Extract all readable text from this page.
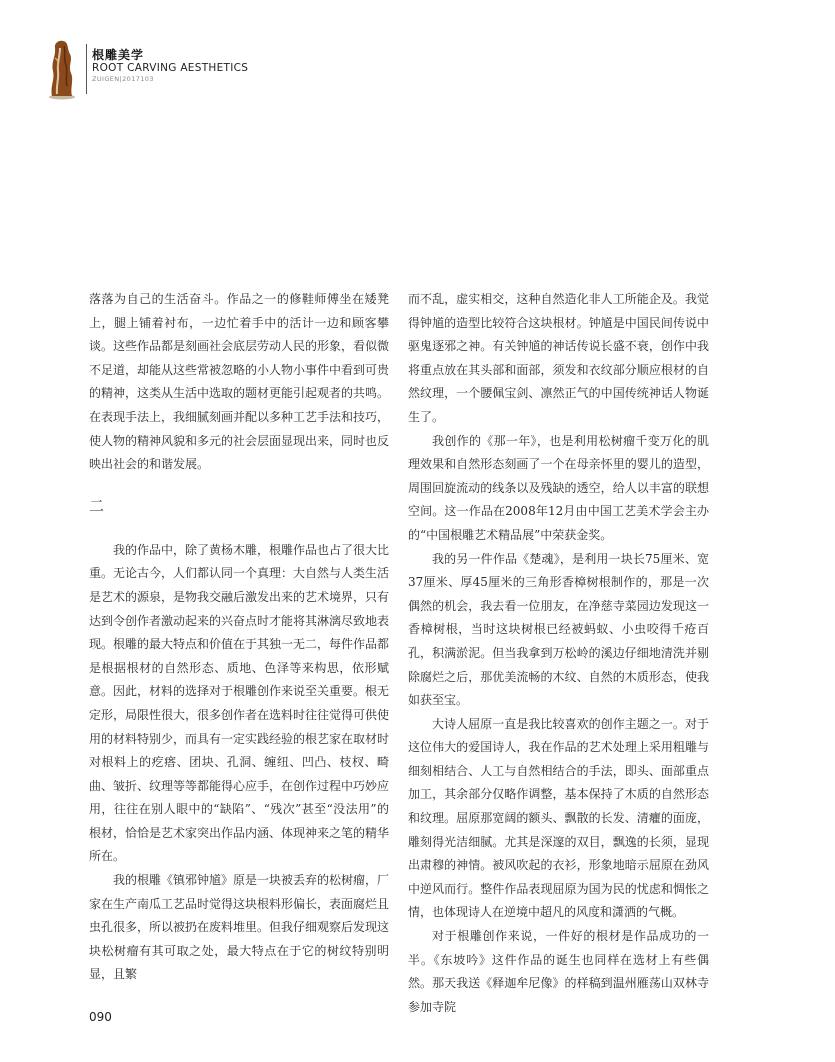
根雕美学
ROOT CARVING AESTHETICS
ZUIGEN|2017103

落落为自己的生活奋斗。作品之一的修鞋师傅坐在矮凳上，腿上铺着衬布，一边忙着手中的活计一边和顾客攀谈。这些作品都是刻画社会底层劳动人民的形象，看似微不足道，却能从这些常被忽略的小人物小事件中看到可贵的精神，这类从生活中选取的题材更能引起观者的共鸣。在表现手法上，我细腻刻画并配以多种工艺手法和技巧，使人物的精神风貌和多元的社会层面显现出来，同时也反映出社会的和谐发展。

二

我的作品中，除了黄杨木雕，根雕作品也占了很大比重。无论古今，人们都认同一个真理：大自然与人类生活是艺术的源泉，是物我交融后激发出来的艺术境界，只有达到令创作者激动起来的兴奋点时才能将其淋漓尽致地表现。根雕的最大特点和价值在于其独一无二，每件作品都是根据根材的自然形态、质地、色泽等来构思，依形赋意。因此，材料的选择对于根雕创作来说至关重要。根无定形，局限性很大，很多创作者在选料时往往觉得可供使用的材料特别少，而具有一定实践经验的根艺家在取材时对根料上的疙瘩、团块、孔洞、缠纽、凹凸、枝杈、畸曲、皱折、纹理等等都能得心应手，在创作过程中巧妙应用，往往在别人眼中的“缺陷”、“残次”甚至“没法用”的根材，恰恰是艺术家突出作品内涵、体现神来之笔的精华所在。

我的根雕《镇邪钟馗》原是一块被丢弃的松树瘤，厂家在生产南瓜工艺品时觉得这块根料形偏长，表面腐烂且虫孔很多，所以被扔在废料堆里。但我仔细观察后发现这块松树瘤有其可取之处，最大特点在于它的树纹特别明显，且繁

而不乱，虚实相交，这种自然造化非人工所能企及。我觉得钟馗的造型比较符合这块根材。钟馗是中国民间传说中驱鬼逐邪之神。有关钟馗的神话传说长盛不衰，创作中我将重点放在其头部和面部，须发和衣纹部分顺应根材的自然纹理，一个腰佩宝剑、凛然正气的中国传统神话人物诞生了。

我创作的《那一年》，也是利用松树瘤千变万化的肌理效果和自然形态刻画了一个在母亲怀里的婴儿的造型，周围回旋流动的线条以及残缺的透空，给人以丰富的联想空间。这一作品在2008年12月由中国工艺美术学会主办的“中国根雕艺术精品展”中荣获金奖。

我的另一件作品《楚魂》，是利用一块长75厘米、宽37厘米、厚45厘米的三角形香樟树根制作的，那是一次偶然的机会，我去看一位朋友，在净慈寺菜园边发现这一香樟树根，当时这块树根已经被蚂蚁、小虫咬得千疮百孔，积满淤泥。但当我拿到万松岭的溪边仔细地清洗并剔除腐烂之后，那优美流畅的木纹、自然的木质形态，使我如获至宝。

大诗人屈原一直是我比较喜欢的创作主题之一。对于这位伟大的爱国诗人，我在作品的艺术处理上采用粗雕与细刻相结合、人工与自然相结合的手法，即头、面部重点加工，其余部分仅略作调整，基本保持了木质的自然形态和纹理。屈原那宽阔的额头、飘散的长发、清癯的面庞，雕刻得光洁细腻。尤其是深邃的双目，飘逸的长须，显现出肃穆的神情。被风吹起的衣衫，形象地暗示屈原在劲风中逆风而行。整件作品表现屈原为国为民的忧虑和惆怅之情，也体现诗人在逆境中超凡的风度和潇洒的气概。

对于根雕创作来说，一件好的根材是作品成功的一半。《东坡吟》这件作品的诞生也同样在选材上有些偶然。那天我送《释迦牟尼像》的样稿到温州雁荡山双林寺参加寺院

090
